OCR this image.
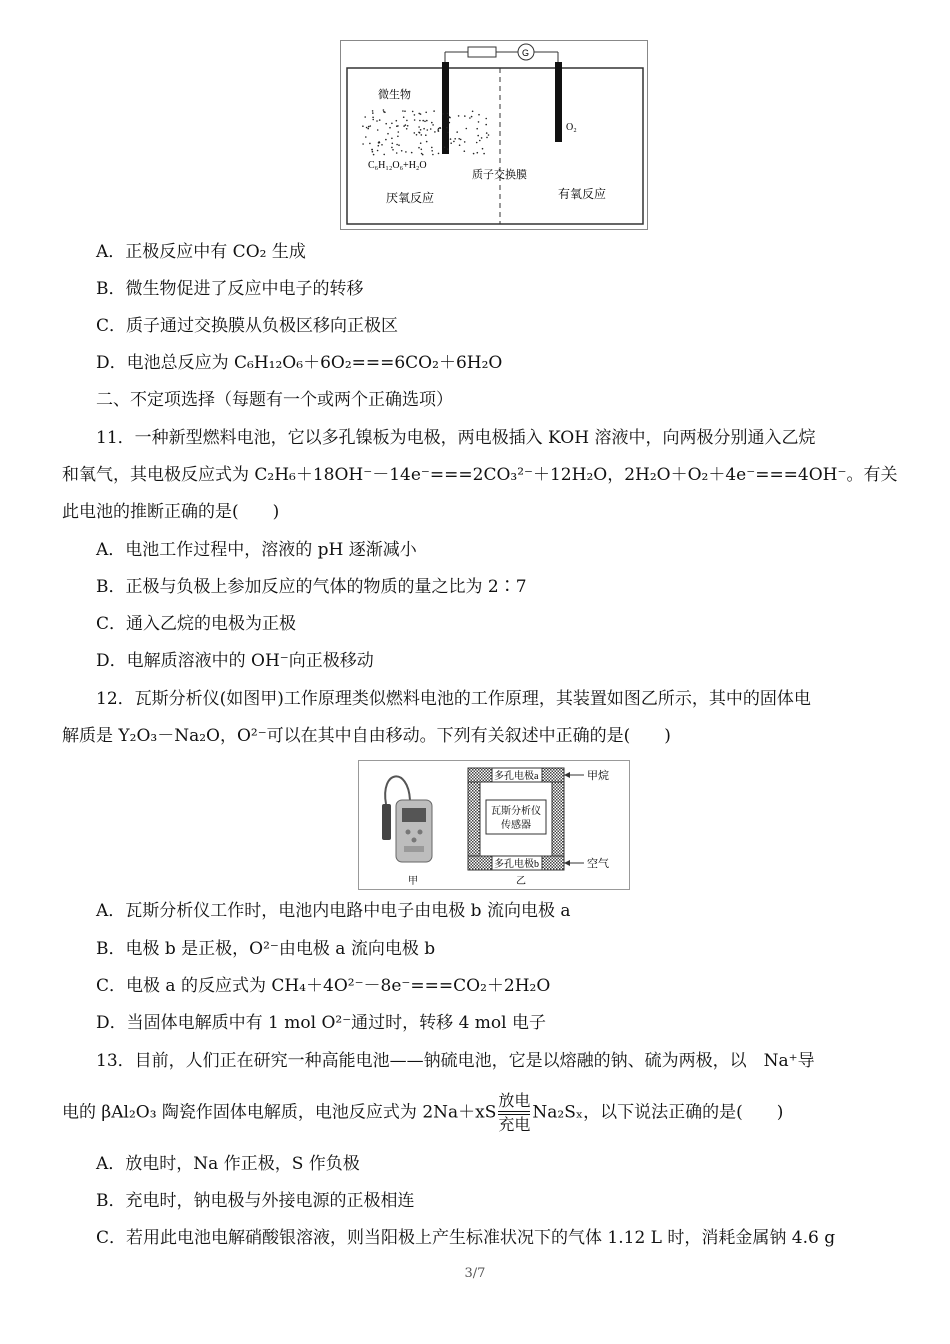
微生物
C₆H₁₂O₆+H₂O
质子交换膜
O₂
厌氧反应	有氧反应
G
A．正极反应中有 CO₂ 生成
B．微生物促进了反应中电子的转移
C．质子通过交换膜从负极区移向正极区
D．电池总反应为 C₆H₁₂O₆＋6O₂===6CO₂＋6H₂O
二、不定项选择（每题有一个或两个正确选项）
11．一种新型燃料电池，它以多孔镍板为电极，两电极插入 KOH 溶液中，向两极分别通入乙烷
和氧气，其电极反应式为 C₂H₆＋18OH⁻－14e⁻===2CO₃²⁻＋12H₂O，2H₂O＋O₂＋4e⁻===4OH⁻。有关
此电池的推断正确的是(　　)
A．电池工作过程中，溶液的 pH 逐渐减小
B．正极与负极上参加反应的气体的物质的量之比为 2∶7
C．通入乙烷的电极为正极
D．电解质溶液中的 OH⁻向正极移动
12．瓦斯分析仪(如图甲)工作原理类似燃料电池的工作原理，其装置如图乙所示，其中的固体电
解质是 Y₂O₃－Na₂O，O²⁻可以在其中自由移动。下列有关叙述中正确的是(　　)
多孔电极a
多孔电极b
瓦斯分析仪
传感器
甲烷
空气
甲	乙
A．瓦斯分析仪工作时，电池内电路中电子由电极 b 流向电极 a
B．电极 b 是正极，O²⁻由电极 a 流向电极 b
C．电极 a 的反应式为 CH₄＋4O²⁻－8e⁻===CO₂＋2H₂O
D．当固体电解质中有 1 mol O²⁻通过时，转移 4 mol 电子
13．目前，人们正在研究一种高能电池——钠硫电池，它是以熔融的钠、硫为两极，以　Na⁺导
电的 βAl₂O₃ 陶瓷作固体电解质，电池反应式为 $2Na+xS \frac{\text{放电}}{\text{充电}} Na_2S_x$，以下说法正确的是(　　)
A．放电时，Na 作正极，S 作负极
B．充电时，钠电极与外接电源的正极相连
C．若用此电池电解硝酸银溶液，则当阳极上产生标准状况下的气体 1.12 L 时，消耗金属钠 4.6 g
3/7
